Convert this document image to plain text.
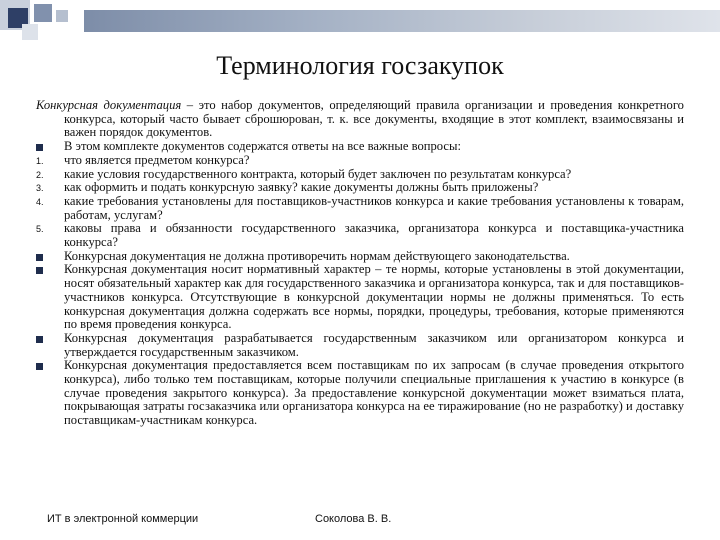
Терминология госзакупок
Конкурсная документация – это набор документов, определяющий правила организации и проведения конкретного конкурса, который часто бывает сброшюрован, т. к. все документы, входящие в этот комплект, взаимосвязаны и важен порядок документов.
В этом комплекте документов содержатся ответы на все важные вопросы:
1.	что является предметом конкурса?
2.	какие условия государственного контракта, который будет заключен по результатам конкурса?
3.	как оформить и подать конкурсную заявку? какие документы должны быть приложены?
4.	какие требования установлены для поставщиков-участников конкурса и какие требования установлены к товарам, работам, услугам?
5.	каковы права и обязанности государственного заказчика, организатора конкурса и поставщика-участника конкурса?
Конкурсная документация не должна противоречить нормам действующего законодательства.
Конкурсная документация носит нормативный характер – те нормы, которые установлены в этой документации, носят обязательный характер как для государственного заказчика и организатора конкурса, так и для поставщиков-участников конкурса. Отсутствующие в конкурсной документации нормы не должны применяться. То есть конкурсная документация должна содержать все нормы, порядки, процедуры, требования, которые применяются по время проведения конкурса.
Конкурсная документация разрабатывается государственным заказчиком или организатором конкурса и утверждается государственным заказчиком.
Конкурсная документация предоставляется всем поставщикам по их запросам (в случае проведения открытого конкурса), либо только тем поставщикам, которые получили специальные приглашения к участию в конкурсе (в случае проведения закрытого конкурса). За предоставление конкурсной документации может взиматься плата, покрывающая затраты госзаказчика или организатора конкурса на ее тиражирование (но не разработку) и доставку поставщикам-участникам конкурса.
ИТ в электронной коммерции	Соколова В. В.
